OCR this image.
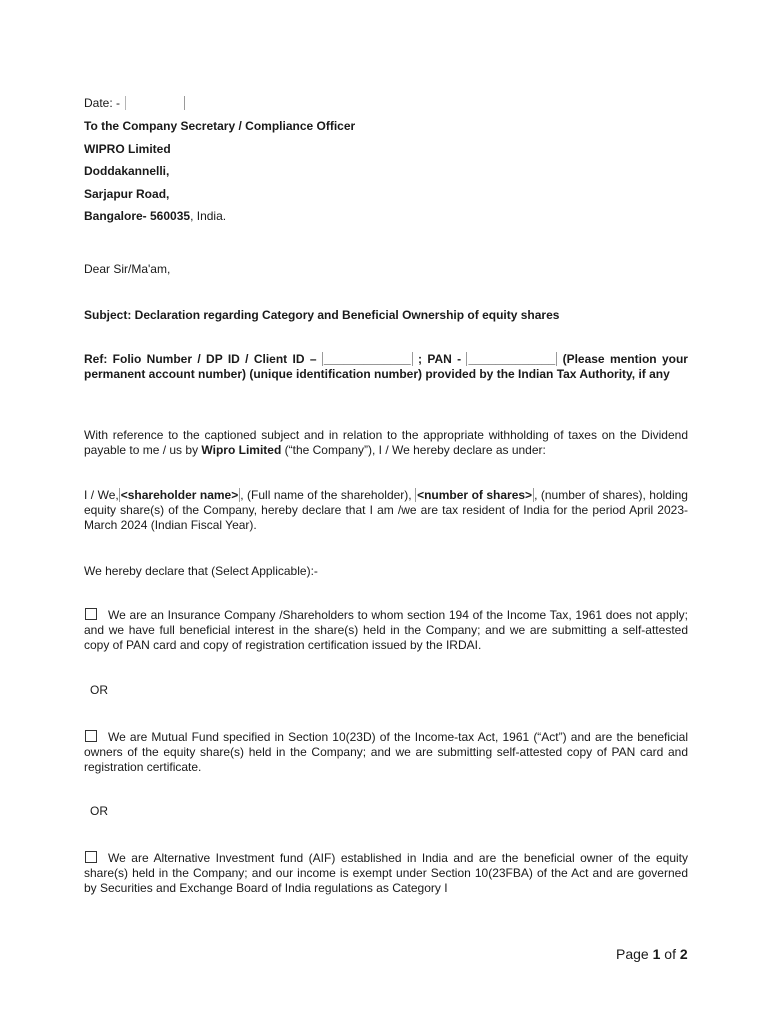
Date: -
To the Company Secretary / Compliance Officer
WIPRO Limited
Doddakannelli,
Sarjapur Road,
Bangalore- 560035, India.
Dear Sir/Ma'am,
Subject: Declaration regarding Category and Beneficial Ownership of equity shares
Ref: Folio Number / DP ID / Client ID – _____________ ; PAN - _____________ (Please mention your permanent account number) (unique identification number) provided by the Indian Tax Authority, if any
With reference to the captioned subject and in relation to the appropriate withholding of taxes on the Dividend payable to me / us by Wipro Limited (“the Company”), I / We hereby declare as under:
I / We, <shareholder name> , (Full name of the shareholder), <number of shares> , (number of shares), holding equity share(s) of the Company, hereby declare that I am /we are tax resident of India for the period April 2023-March 2024 (Indian Fiscal Year).
We hereby declare that (Select Applicable):-
We are an Insurance Company /Shareholders to whom section 194 of the Income Tax, 1961 does not apply; and we have full beneficial interest in the share(s) held in the Company; and we are submitting a self-attested copy of PAN card and copy of registration certification issued by the IRDAI.
OR
We are Mutual Fund specified in Section 10(23D) of the Income-tax Act, 1961 (“Act”) and are the beneficial owners of the equity share(s) held in the Company; and we are submitting self-attested copy of PAN card and registration certificate.
OR
We are Alternative Investment fund (AIF) established in India and are the beneficial owner of the equity share(s) held in the Company; and our income is exempt under Section 10(23FBA) of the Act and are governed by Securities and Exchange Board of India regulations as Category I
Page 1 of 2
